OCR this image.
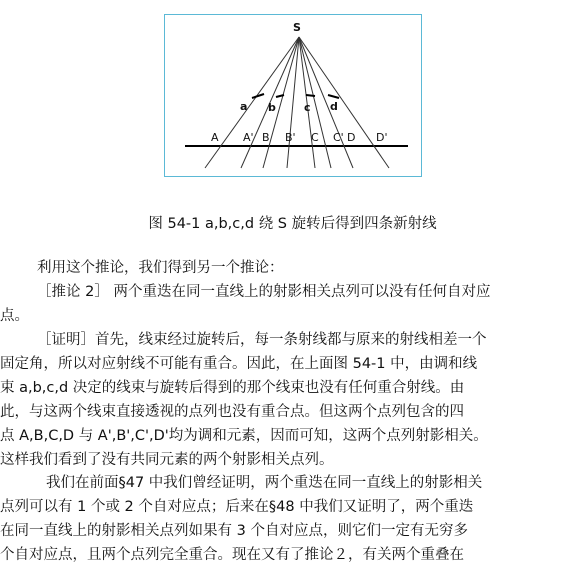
S
a b	c d
A A' B B' C C' D D'
图 54-1 a,b,c,d 绕 S 旋转后得到四条新射线
利用这个推论，我们得到另一个推论：
［推论 2］ 两个重迭在同一直线上的射影相关点列可以没有任何自对应
点。
［证明］首先，线束经过旋转后，每一条射线都与原来的射线相差一个
固定角，所以对应射线不可能有重合。因此，在上面图 54-1 中，由调和线
束 a,b,c,d 决定的线束与旋转后得到的那个线束也没有任何重合射线。由
此，与这两个线束直接透视的点列也没有重合点。但这两个点列包含的四
点 A,B,C,D 与 A',B',C',D'均为调和元素，因而可知，这两个点列射影相关。
这样我们看到了没有共同元素的两个射影相关点列。
我们在前面§47 中我们曾经证明，两个重迭在同一直线上的射影相关
点列可以有 1 个或 2 个自对应点；后来在§48 中我们又证明了，两个重迭
在同一直线上的射影相关点列如果有 3 个自对应点，则它们一定有无穷多
个自对应点，且两个点列完全重合。现在又有了推论２，有关两个重叠在
